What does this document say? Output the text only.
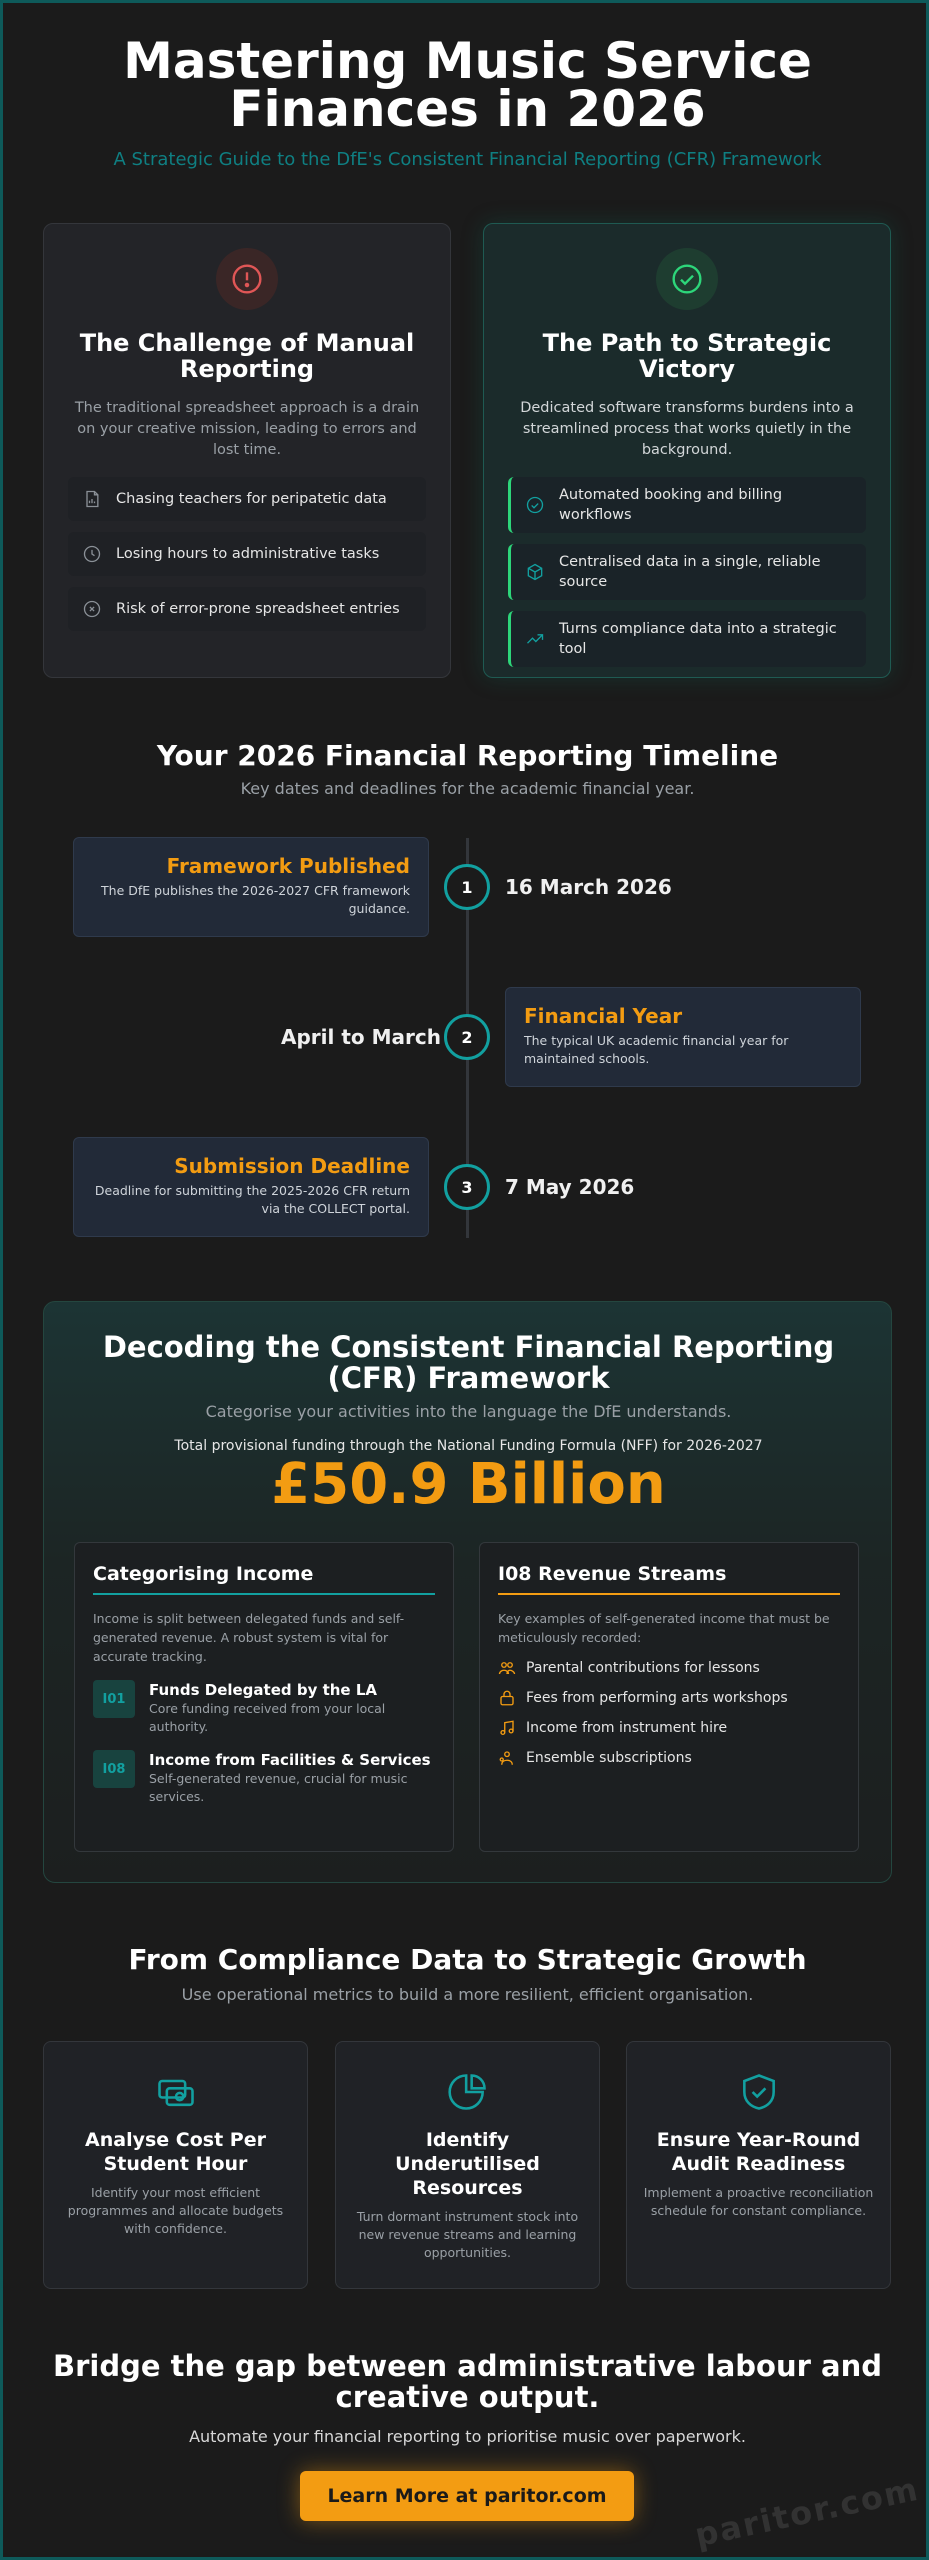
Mastering Music Service Finances in 2026

A Strategic Guide to the DfE's Consistent Financial Reporting (CFR) Framework

The Challenge of Manual Reporting
The traditional spreadsheet approach is a drain on your creative mission, leading to errors and lost time.
Chasing teachers for peripatetic data
Losing hours to administrative tasks
Risk of error-prone spreadsheet entries
The Path to Strategic Victory
Dedicated software transforms burdens into a streamlined process that works quietly in the background.
Automated booking and billing workflows
Centralised data in a single, reliable source
Turns compliance data into a strategic tool
Your 2026 Financial Reporting Timeline

Key dates and deadlines for the academic financial year.

Framework Published
The DfE publishes the 2026-2027 CFR framework guidance.
1	16 March 2026
April to March	2
Financial Year
The typical UK academic financial year for maintained schools.
Submission Deadline
Deadline for submitting the 2025-2026 CFR return via the COLLECT portal.
3	7 May 2026
Decoding the Consistent Financial Reporting (CFR) Framework
Categorise your activities into the language the DfE understands.
Total provisional funding through the National Funding Formula (NFF) for 2026-2027
£50.9 Billion
Categorising Income
Income is split between delegated funds and self-generated revenue. A robust system is vital for accurate tracking.
I01	Funds Delegated by the LA
Core funding received from your local authority.
I08	Income from Facilities & Services
Self-generated revenue, crucial for music services.
I08 Revenue Streams
Key examples of self-generated income that must be meticulously recorded:
Parental contributions for lessons
Fees from performing arts workshops
Income from instrument hire
Ensemble subscriptions
From Compliance Data to Strategic Growth

Use operational metrics to build a more resilient, efficient organisation.

Analyse Cost Per Student Hour
Identify your most efficient programmes and allocate budgets with confidence.
Identify Underutilised Resources
Turn dormant instrument stock into new revenue streams and learning opportunities.
Ensure Year-Round Audit Readiness
Implement a proactive reconciliation schedule for constant compliance.
Bridge the gap between administrative labour and creative output.
Automate your financial reporting to prioritise music over paperwork.
Learn More at paritor.com	paritor.com
